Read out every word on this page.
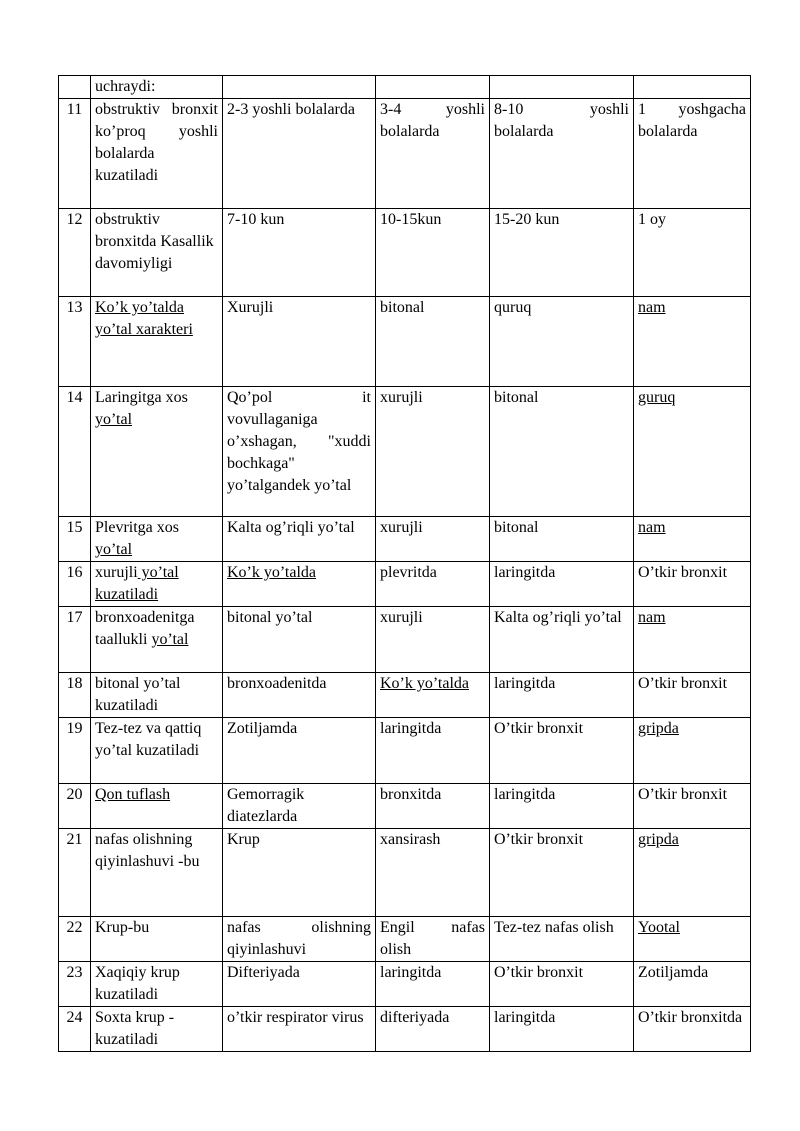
	uchraydi:				
11	obstruktiv bronxit ko’proq yoshli bolalarda kuzatiladi	2-3 yoshli bolalarda	3-4 yoshli bolalarda	8-10 yoshli bolalarda	1 yoshgacha bolalarda
12	obstruktiv bronxitda Kasallik davomiyligi	7-10 kun	10-15kun	15-20 kun	1 oy
13	Ko’k yo’talda yo’tal xarakteri	Xurujli	bitonal	quruq	nam
14	Laringitga xos yo’tal	Qo’pol it vovullaganiga o’xshagan, "xuddi bochkaga" yo’talgandek yo’tal	xurujli	bitonal	guruq
15	Plevritga xos yo’tal	Kalta og’riqli yo’tal	xurujli	bitonal	nam
16	xurujli yo’tal kuzatiladi	Ko’k yo’talda	plevritda	laringitda	O’tkir bronxit
17	bronxoadenitga taallukli yo’tal	bitonal yo’tal	xurujli	Kalta og’riqli yo’tal	nam
18	bitonal yo’tal kuzatiladi	bronxoadenitda	Ko’k yo’talda	laringitda	O’tkir bronxit
19	Tez-tez va qattiq yo’tal kuzatiladi	Zotiljamda	laringitda	O’tkir bronxit	gripda
20	Qon tuflash	Gemorragik diatezlarda	bronxitda	laringitda	O’tkir bronxit
21	nafas olishning qiyinlashuvi -bu	Krup	xansirash	O’tkir bronxit	gripda
22	Krup-bu	nafas olishning qiyinlashuvi	Engil nafas olish	Tez-tez nafas olish	Yootal
23	Xaqiqiy krup kuzatiladi	Difteriyada	laringitda	O’tkir bronxit	Zotiljamda
24	Soxta krup - kuzatiladi	o’tkir respirator virus	difteriyada	laringitda	O’tkir bronxitda
